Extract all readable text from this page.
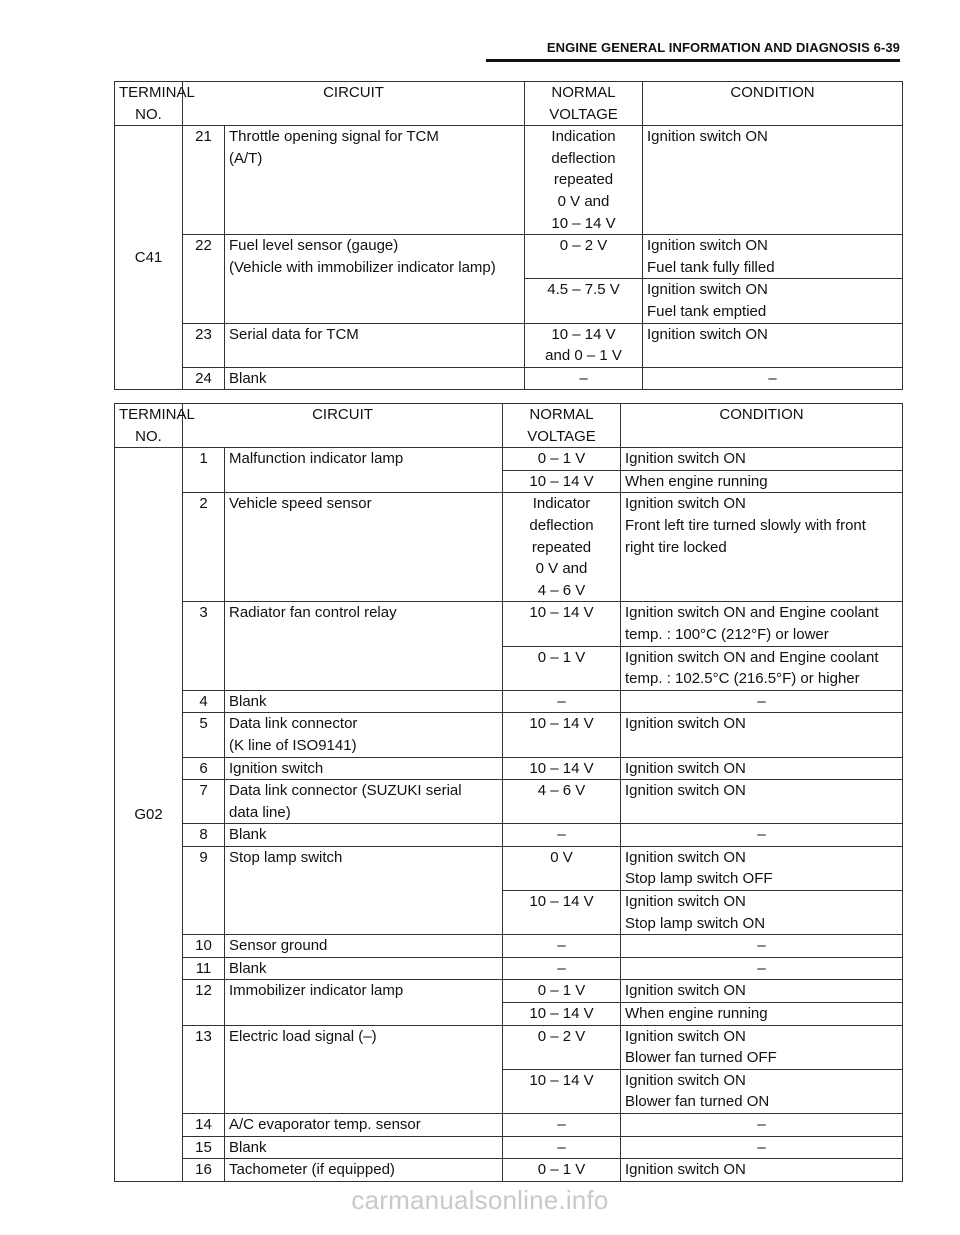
ENGINE GENERAL INFORMATION AND DIAGNOSIS 6-39
TERMINAL
NO.	CIRCUIT		NORMAL
VOLTAGE	CONDITION
C41	21	Throttle opening signal for TCM
(A/T)	Indication
deflection
repeated
0 V and
10 – 14 V	Ignition switch ON
	22	Fuel level sensor (gauge)
(Vehicle with immobilizer indicator lamp)	0 – 2 V	Ignition switch ON
Fuel tank fully filled
			4.5 – 7.5 V	Ignition switch ON
Fuel tank emptied
	23	Serial data for TCM	10 – 14 V
and 0 – 1 V	Ignition switch ON
	24	Blank	–	–
TERMINAL
NO.	CIRCUIT		NORMAL
VOLTAGE	CONDITION
G02	1	Malfunction indicator lamp	0 – 1 V	Ignition switch ON
			10 – 14 V	When engine running
	2	Vehicle speed sensor	Indicator
deflection
repeated
0 V and
4 – 6 V	Ignition switch ON
Front left tire turned slowly with front
right tire locked
	3	Radiator fan control relay	10 – 14 V	Ignition switch ON and Engine coolant
temp. : 100°C (212°F) or lower
			0 – 1 V	Ignition switch ON and Engine coolant
temp. : 102.5°C (216.5°F) or higher
	4	Blank	–	–
	5	Data link connector
(K line of ISO9141)	10 – 14 V	Ignition switch ON
	6	Ignition switch	10 – 14 V	Ignition switch ON
	7	Data link connector (SUZUKI serial
data line)	4 – 6 V	Ignition switch ON
	8	Blank	–	–
	9	Stop lamp switch	0 V	Ignition switch ON
Stop lamp switch OFF
			10 – 14 V	Ignition switch ON
Stop lamp switch ON
	10	Sensor ground	–	–
	11	Blank	–	–
	12	Immobilizer indicator lamp	0 – 1 V	Ignition switch ON
			10 – 14 V	When engine running
	13	Electric load signal (–)	0 – 2 V	Ignition switch ON
Blower fan turned OFF
			10 – 14 V	Ignition switch ON
Blower fan turned ON
	14	A/C evaporator temp. sensor	–	–
	15	Blank	–	–
	16	Tachometer (if equipped)	0 – 1 V	Ignition switch ON
carmanualsonline.info
